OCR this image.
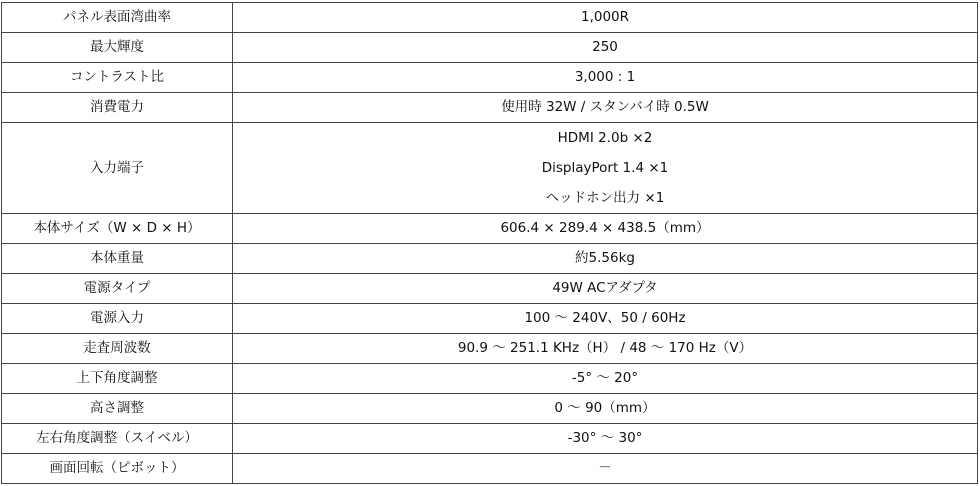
パネル表面湾曲率	1,000R
最大輝度	250
コントラスト比	3,000 : 1
消費電力	使用時 32W / スタンバイ時 0.5W
入力端子	HDMI 2.0b ×2
DisplayPort 1.4 ×1
ヘッドホン出力 ×1

本体サイズ（W × D × H）	606.4 × 289.4 × 438.5（mm）
本体重量	約5.56kg
電源タイプ	49W ACアダプタ
電源入力	100 ～ 240V、50 / 60Hz
走査周波数	90.9 ～ 251.1 KHz（H） / 48 ～ 170 Hz（V）
上下角度調整	-5° ～ 20°
高さ調整	0 ～ 90（mm）
左右角度調整（スイベル）	-30° ～ 30°
画面回転（ピボット）	－
